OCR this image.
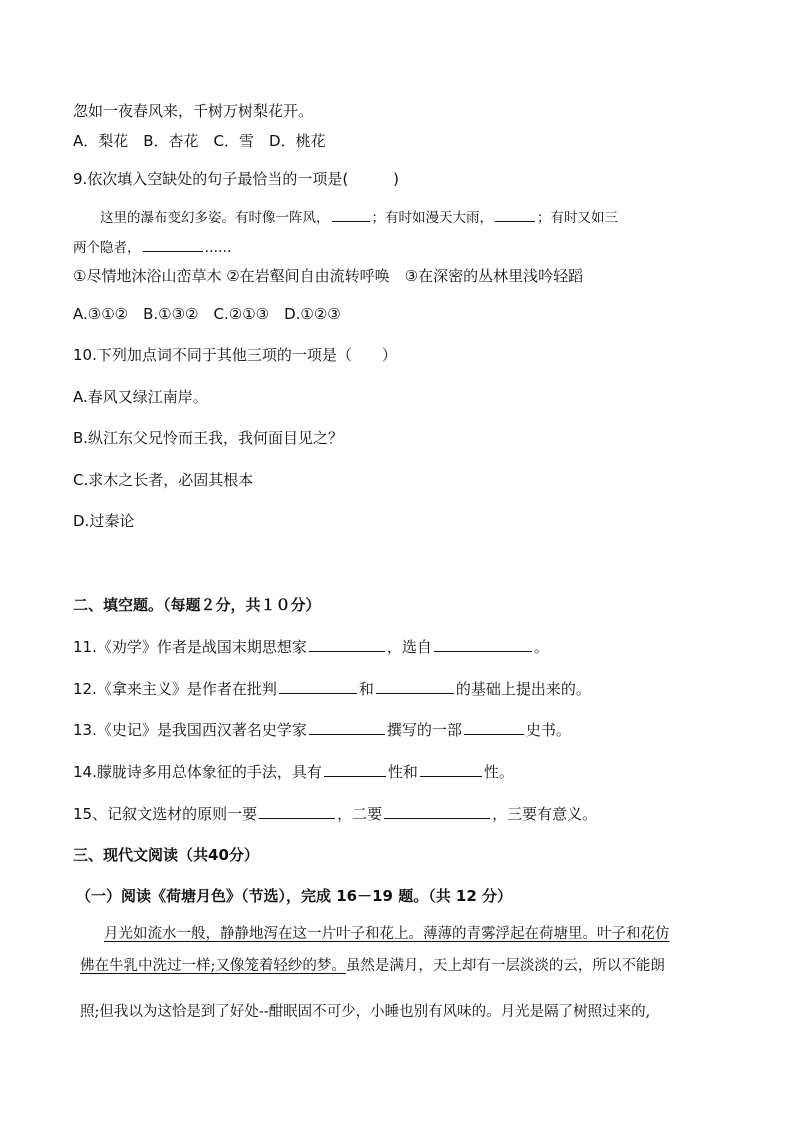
忽如一夜春风来，千树万树梨花开。
A．梨花　B．杏花　C．雪　D．桃花
9.依次填入空缺处的句子最恰当的一项是(　　　)
这里的瀑布变幻多姿。有时像一阵风，	；有时如漫天大雨，	；有时又如三
两个隐者，	……
①尽情地沐浴山峦草木 ②在岩壑间自由流转呼唤　③在深密的丛林里浅吟轻蹈
A.③①②　B.①③②　C.②①③　D.①②③
10.下列加点词不同于其他三项的一项是（　　）
A.春风又绿江南岸。
B.纵江东父兄怜而王我，我何面目见之？
C.求木之长者，必固其根本
D.过秦论
二、填空题。（每题２分，共１０分）
11.《劝学》作者是战国末期思想家	，选自	。
12.《拿来主义》是作者在批判	和	的基础上提出来的。
13.《史记》是我国西汉著名史学家	撰写的一部	史书。
14.朦胧诗多用总体象征的手法，具有	性和	性。
15、记叙文选材的原则一要	，二要	，三要有意义。
三、现代文阅读（共40分）
（一）阅读《荷塘月色》（节选），完成 16－19 题。（共 12 分）
月光如流水一般，静静地泻在这一片叶子和花上。薄薄的青雾浮起在荷塘里。叶子和花仿
佛在牛乳中洗过一样;又像笼着轻纱的梦。虽然是满月，天上却有一层淡淡的云，所以不能朗
照;但我以为这恰是到了好处--酣眠固不可少，小睡也别有风味的。月光是隔了树照过来的,
